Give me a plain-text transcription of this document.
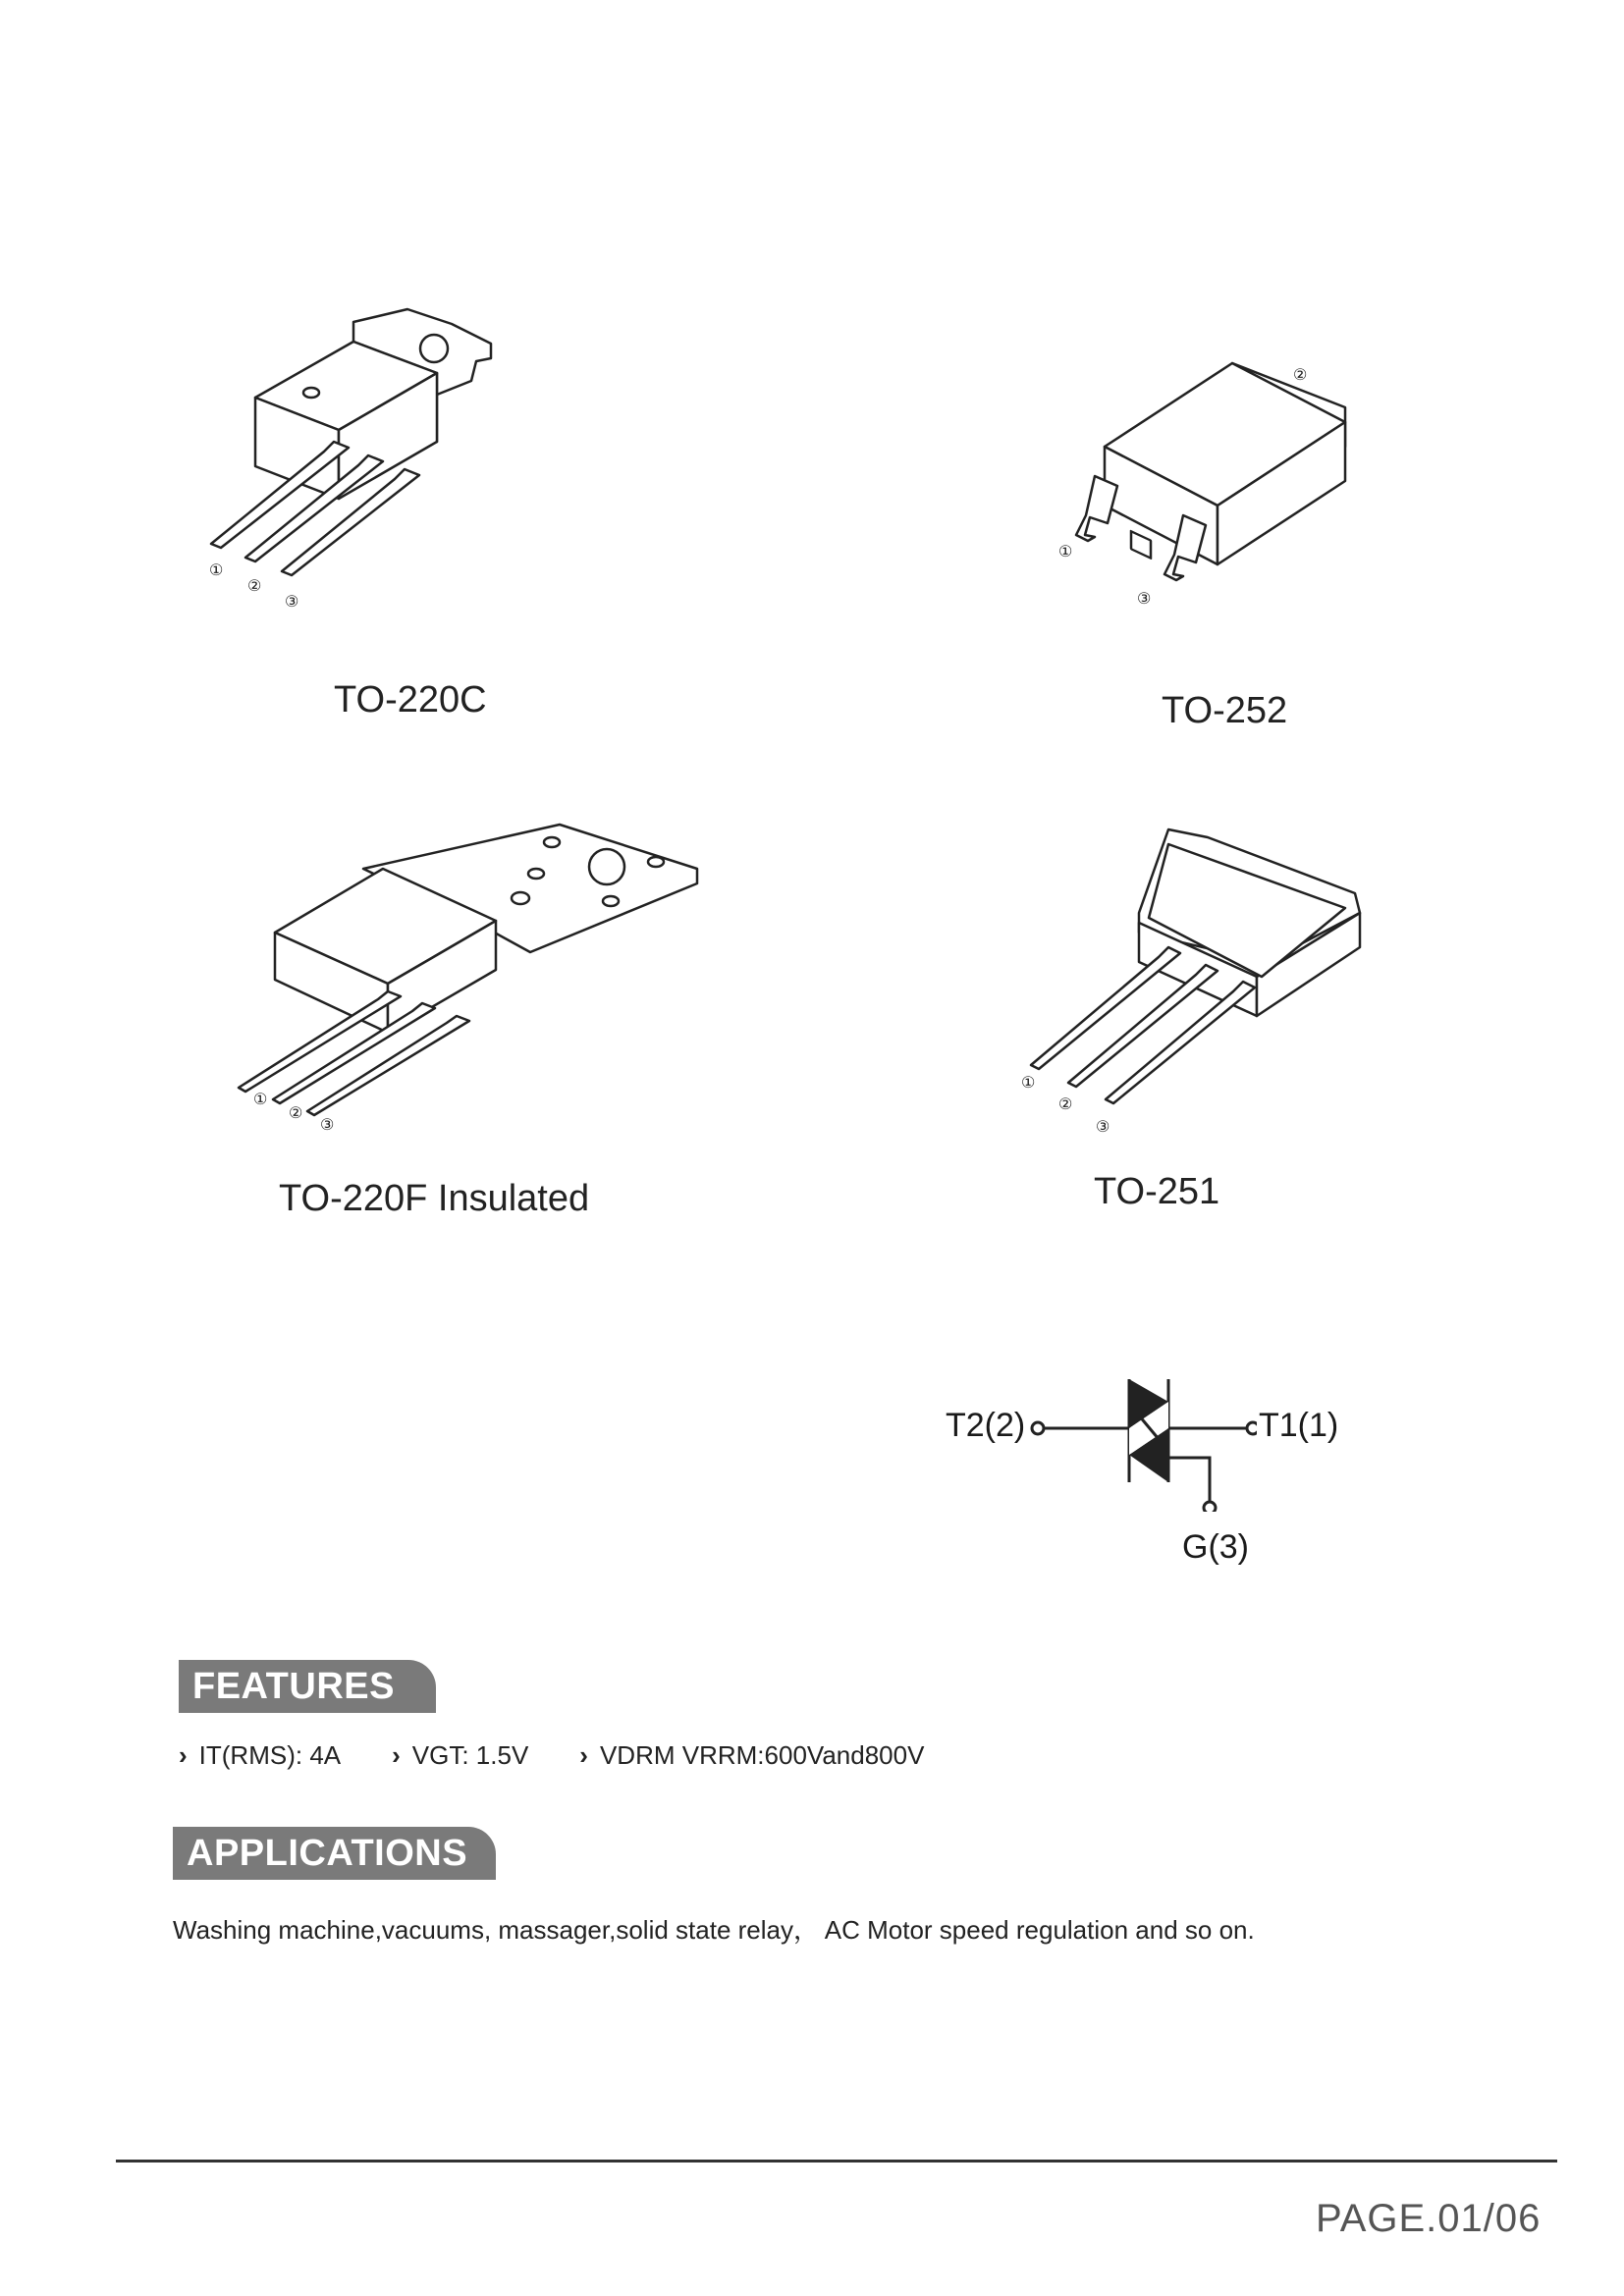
①
②
③
TO-220C
①
②
③
TO-252
①
②
③
TO-220F Insulated
①
②
③
TO-251
T2(2)	T1(1)
G(3)
FEATURES
› IT(RMS): 4A › VGT: 1.5V › VDRM VRRM:600Vand800V
APPLICATIONS
Washing machine,vacuums, massager,solid state relay， AC Motor speed regulation and so on.
PAGE.01/06
